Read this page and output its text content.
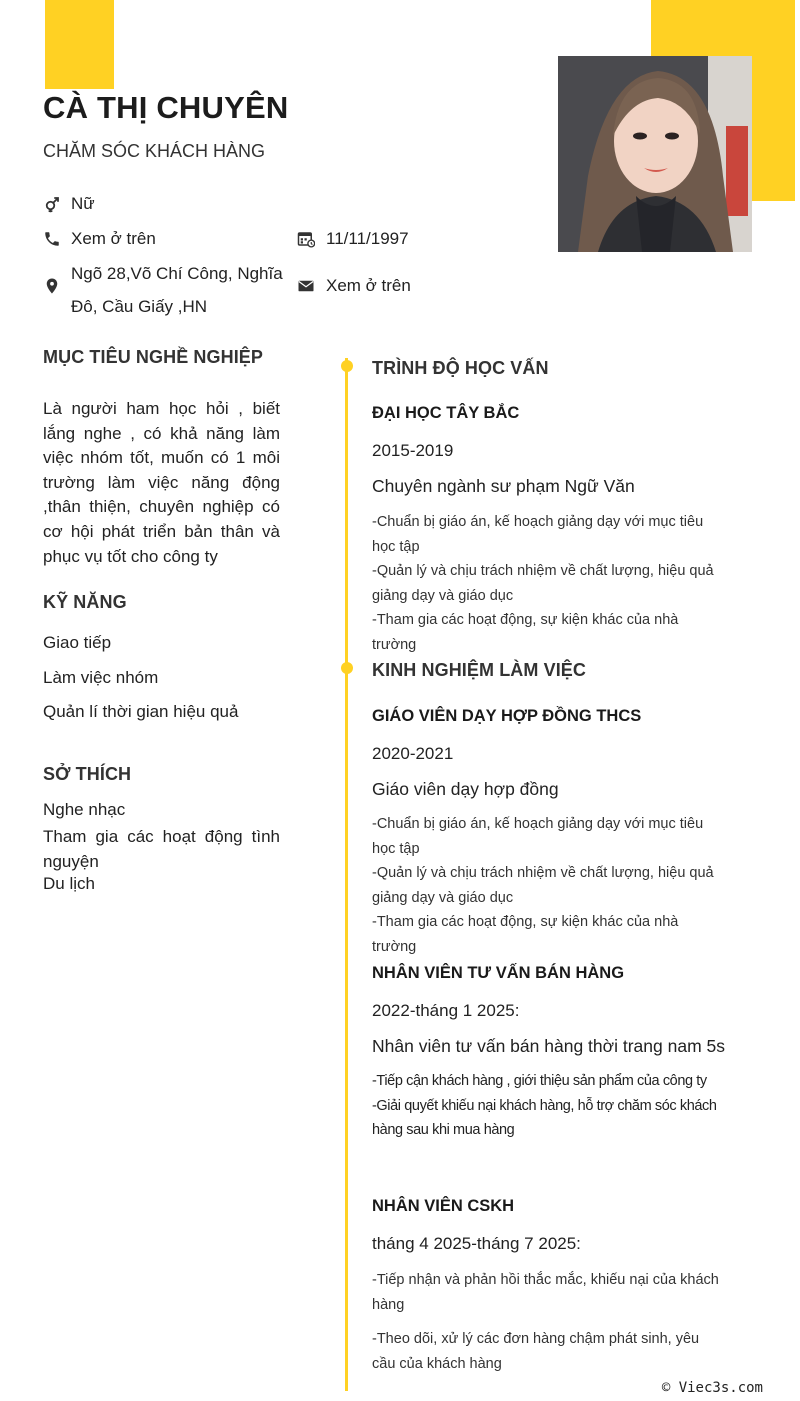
CÀ THỊ CHUYÊN
CHĂM SÓC KHÁCH HÀNG
Nữ
Xem ở trên	11/11/1997
Ngõ 28,Võ Chí Công, Nghĩa
Đô, Cầu Giấy ,HN
Xem ở trên
MỤC TIÊU NGHỀ NGHIỆP
Là người ham học hỏi , biết lắng nghe , có khả năng làm việc nhóm tốt, muốn có 1 môi trường làm việc năng động ,thân thiện, chuyên nghiệp có cơ hội phát triển bản thân và phục vụ tốt cho công ty
KỸ NĂNG
Giao tiếp
Làm việc nhóm
Quản lí thời gian hiệu quả
SỞ THÍCH
Nghe nhạc
Tham gia các hoạt động tình nguyện
Du lịch
TRÌNH ĐỘ HỌC VẤN
ĐẠI HỌC TÂY BẮC
2015-2019
Chuyên ngành sư phạm Ngữ Văn
-Chuẩn bị giáo án, kế hoạch giảng dạy với mục tiêu học tập
-Quản lý và chịu trách nhiệm về chất lượng, hiệu quả giảng dạy và giáo dục
-Tham gia các hoạt động, sự kiện khác của nhà trường
KINH NGHIỆM LÀM VIỆC
GIÁO VIÊN DẠY HỢP ĐỒNG THCS
2020-2021
Giáo viên dạy hợp đồng
-Chuẩn bị giáo án, kế hoạch giảng dạy với mục tiêu học tập
-Quản lý và chịu trách nhiệm về chất lượng, hiệu quả giảng dạy và giáo dục
-Tham gia các hoạt động, sự kiện khác của nhà trường
NHÂN VIÊN TƯ VẤN BÁN HÀNG
2022-tháng 1 2025:
Nhân viên tư vấn bán hàng thời trang nam 5s
-Tiếp cận khách hàng , giới thiệu sản phẩm của công ty
-Giải quyết khiếu nại khách hàng, hỗ trợ chăm sóc khách hàng sau khi mua hàng
NHÂN VIÊN CSKH
tháng 4 2025-tháng 7 2025:
-Tiếp nhận và phản hồi thắc mắc, khiếu nại của khách hàng
-Theo dõi, xử lý các đơn hàng chậm phát sinh, yêu cầu của khách hàng
© Viec3s.com
